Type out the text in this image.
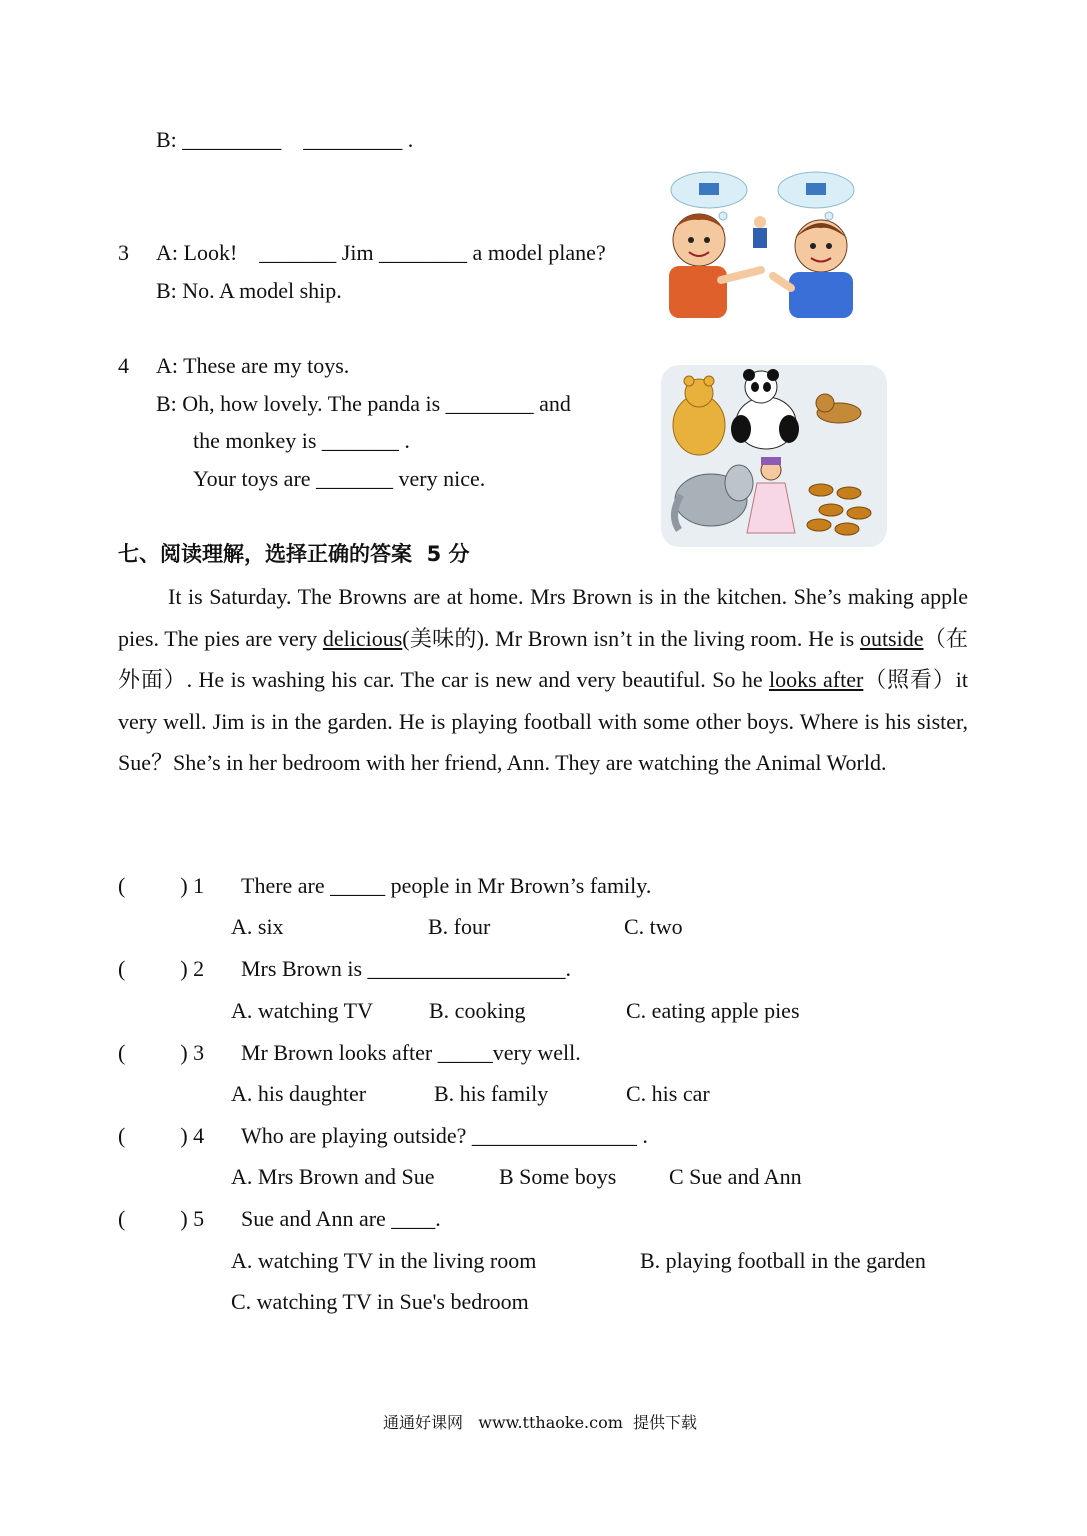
B: _________    _________ .
3 A: Look!    _______ Jim ________ a model plane?
B: No. A model ship.
4 A: These are my toys.
B: Oh, how lovely. The panda is ________ and
the monkey is _______ .
Your toys are _______ very nice.
七、阅读理解，选择正确的答案  5 分
It is Saturday. The Browns are at home. Mrs Brown is in the kitchen. She’s making apple pies. The pies are very delicious(美味的). Mr Brown isn’t in the living room. He is outside（在外面）. He is washing his car. The car is new and very beautiful. So he looks after（照看）it very well. Jim is in the garden. He is playing football with some other boys. Where is his sister, Sue？She’s in her bedroom with her friend, Ann. They are watching the Animal World.
(          ) 1 There are _____ people in Mr Brown’s family.
A. six	B. four	C. two
(          ) 2 Mrs Brown is __________________.
A. watching TV	B. cooking	C. eating apple pies
(          ) 3 Mr Brown looks after _____very well.
A. his daughter	B. his family	C. his car
(          ) 4 Who are playing outside? _______________ .
A. Mrs Brown and Sue	B Some boys C Sue and Ann
(          ) 5 Sue and Ann are ____.
A. watching TV in the living room	B. playing football in the garden
C. watching TV in Sue's bedroom
通通好课网   www.tthaoke.com  提供下载
